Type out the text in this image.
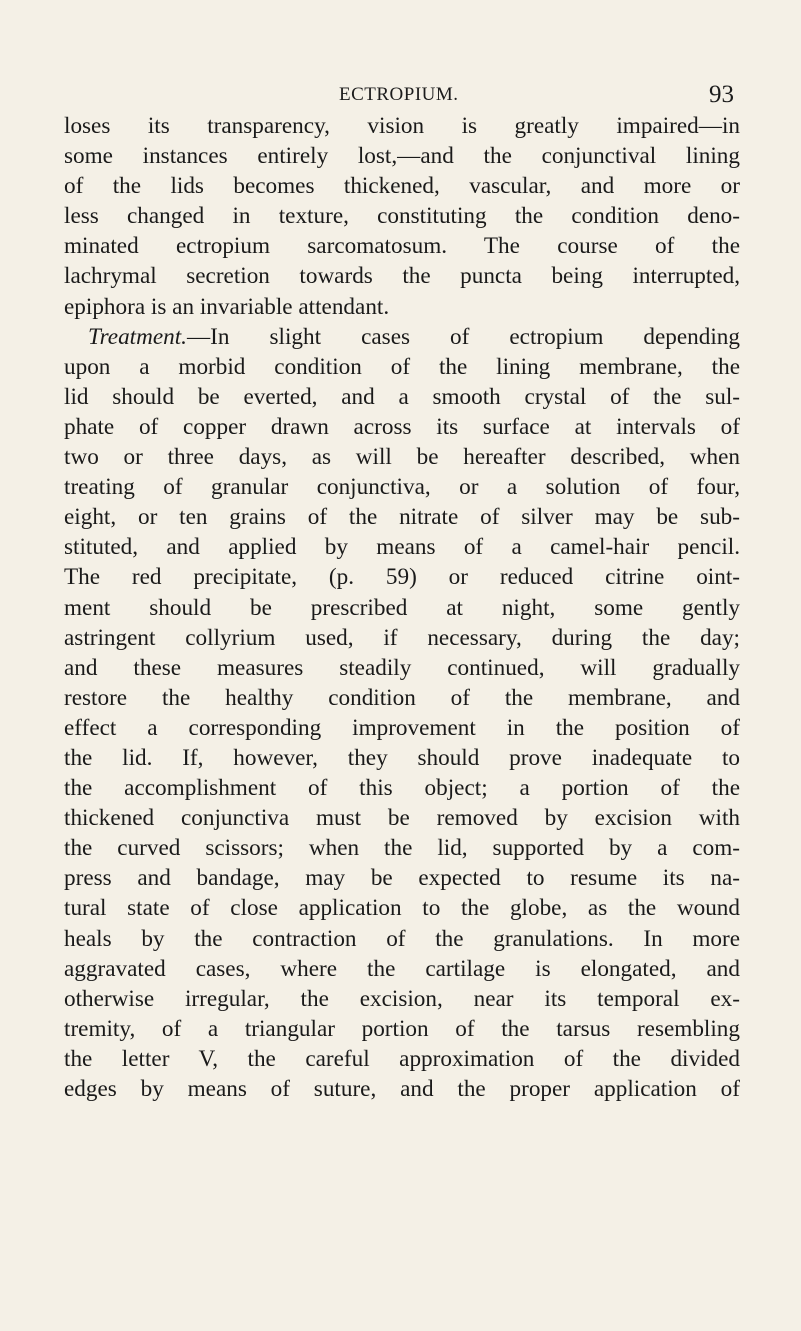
ECTROPIUM.	93
loses its transparency, vision is greatly impaired—in
some instances entirely lost,—and the conjunctival lining
of the lids becomes thickened, vascular, and more or
less changed in texture, constituting the condition deno-
minated ectropium sarcomatosum. The course of the
lachrymal secretion towards the puncta being interrupted,
epiphora is an invariable attendant.
Treatment.—In slight cases of ectropium depending
upon a morbid condition of the lining membrane, the
lid should be everted, and a smooth crystal of the sul-
phate of copper drawn across its surface at intervals of
two or three days, as will be hereafter described, when
treating of granular conjunctiva, or a solution of four,
eight, or ten grains of the nitrate of silver may be sub-
stituted, and applied by means of a camel-hair pencil.
The red precipitate, (p. 59) or reduced citrine oint-
ment should be prescribed at night, some gently
astringent collyrium used, if necessary, during the day;
and these measures steadily continued, will gradually
restore the healthy condition of the membrane, and
effect a corresponding improvement in the position of
the lid. If, however, they should prove inadequate to
the accomplishment of this object; a portion of the
thickened conjunctiva must be removed by excision with
the curved scissors; when the lid, supported by a com-
press and bandage, may be expected to resume its na-
tural state of close application to the globe, as the wound
heals by the contraction of the granulations. In more
aggravated cases, where the cartilage is elongated, and
otherwise irregular, the excision, near its temporal ex-
tremity, of a triangular portion of the tarsus resembling
the letter V, the careful approximation of the divided
edges by means of suture, and the proper application of
